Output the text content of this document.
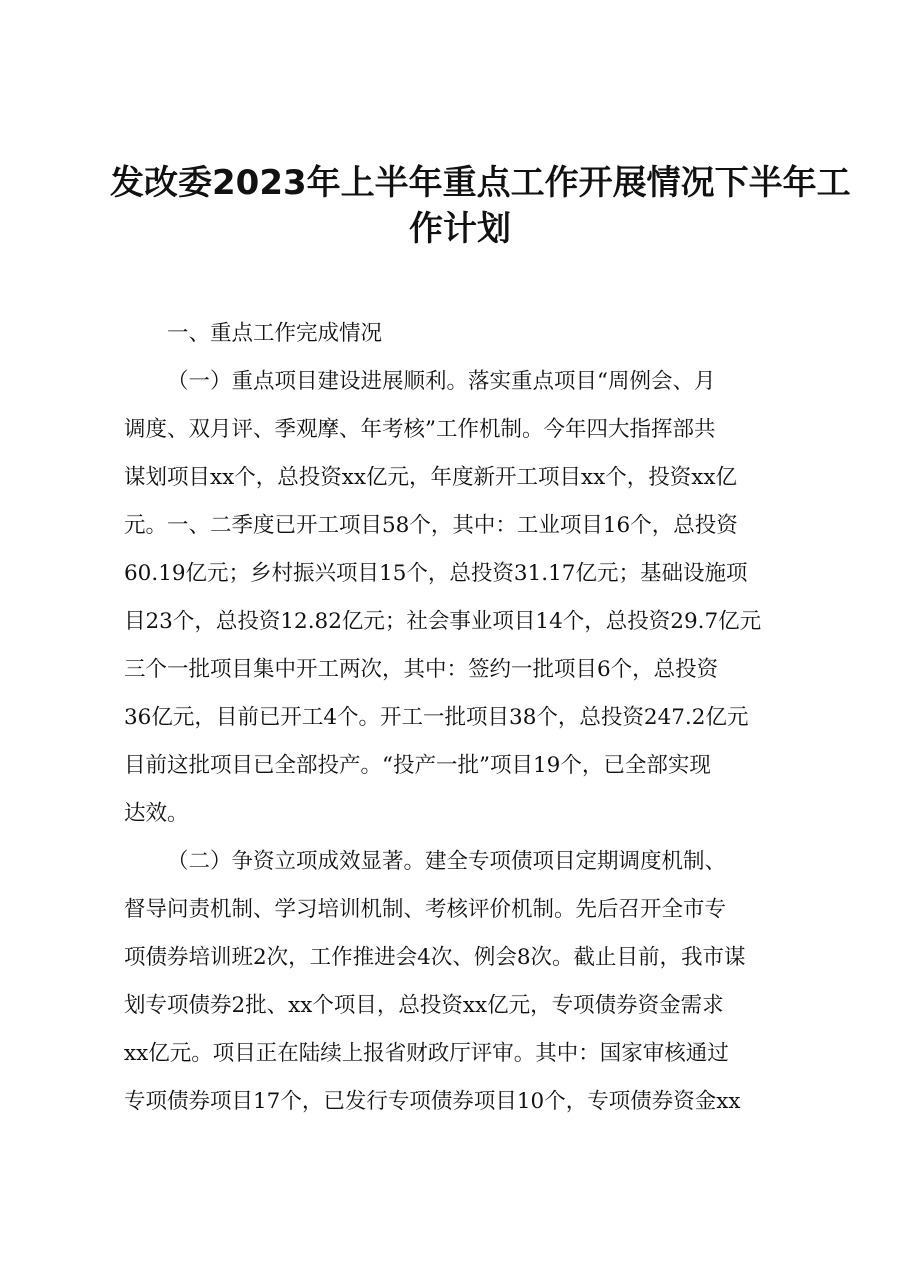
发改委2023年上半年重点工作开展情况下半年工
作计划
一、重点工作完成情况
（一）重点项目建设进展顺利。落实重点项目“周例会、月
调度、双月评、季观摩、年考核”工作机制。今年四大指挥部共
谋划项目xx个，总投资xx亿元，年度新开工项目xx个，投资xx亿
元。一、二季度已开工项目58个，其中：工业项目16个，总投资
60.19亿元；乡村振兴项目15个，总投资31.17亿元；基础设施项
目23个，总投资12.82亿元；社会事业项目14个，总投资29.7亿元
三个一批项目集中开工两次，其中：签约一批项目6个，总投资
36亿元，目前已开工4个。开工一批项目38个，总投资247.2亿元
目前这批项目已全部投产。“投产一批”项目19个，已全部实现
达效。
（二）争资立项成效显著。建全专项债项目定期调度机制、
督导问责机制、学习培训机制、考核评价机制。先后召开全市专
项债券培训班2次，工作推进会4次、例会8次。截止目前，我市谋
划专项债券2批、xx个项目，总投资xx亿元，专项债券资金需求
xx亿元。项目正在陆续上报省财政厅评审。其中：国家审核通过
专项债券项目17个，已发行专项债券项目10个，专项债券资金xx
